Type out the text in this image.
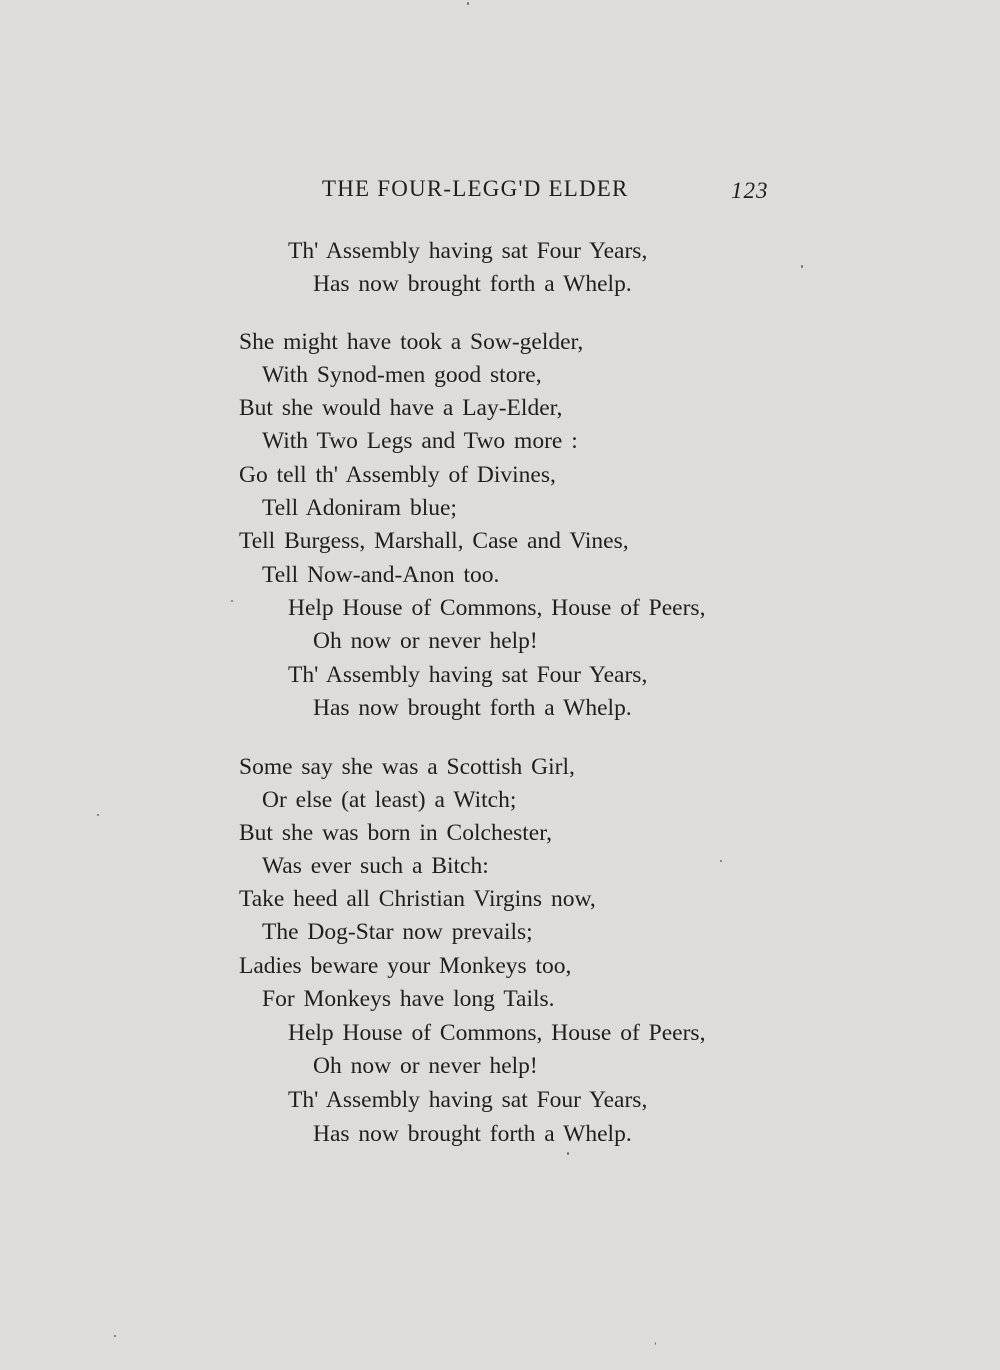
THE FOUR-LEGG'D ELDER	123
Th' Assembly having sat Four Years,
Has now brought forth a Whelp.
She might have took a Sow-gelder,
With Synod-men good store,
But she would have a Lay-Elder,
With Two Legs and Two more :
Go tell th' Assembly of Divines,
Tell Adoniram blue;
Tell Burgess, Marshall, Case and Vines,
Tell Now-and-Anon too.
Help House of Commons, House of Peers,
Oh now or never help!
Th' Assembly having sat Four Years,
Has now brought forth a Whelp.
Some say she was a Scottish Girl,
Or else (at least) a Witch;
But she was born in Colchester,
Was ever such a Bitch:
Take heed all Christian Virgins now,
The Dog-Star now prevails;
Ladies beware your Monkeys too,
For Monkeys have long Tails.
Help House of Commons, House of Peers,
Oh now or never help!
Th' Assembly having sat Four Years,
Has now brought forth a Whelp.
